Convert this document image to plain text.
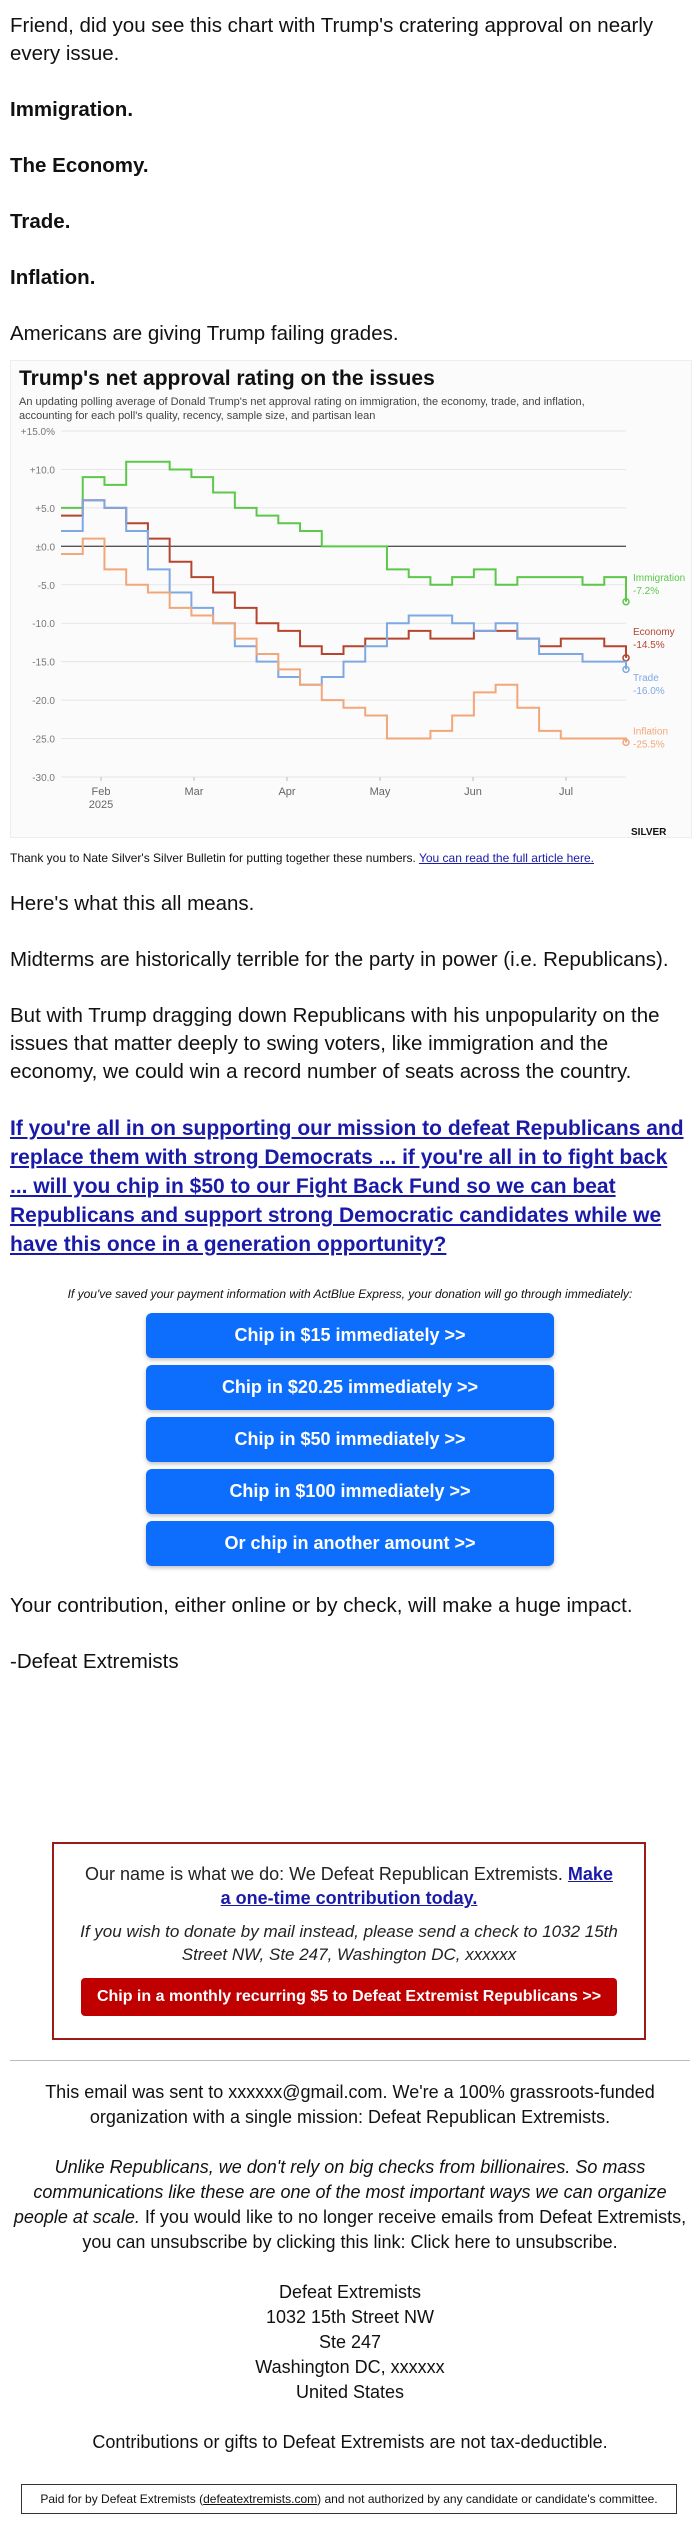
Friend, did you see this chart with Trump's cratering approval on nearly every issue.

Immigration.

The Economy.

Trade.

Inflation.

Americans are giving Trump failing grades.

Trump's net approval rating on the issues
An updating polling average of Donald Trump's net approval rating on immigration, the economy, trade, and inflation,
accounting for each poll's quality, recency, sample size, and partisan lean
+15.0%
+10.0
+5.0
±0.0
-5.0
-10.0
-15.0
-20.0
-25.0
-30.0
Feb	Mar	Apr	May	Jun	Jul
2025
Immigration
-7.2%
Economy
-14.5%
Trade
-16.0%
Inflation
-25.5%
SILVER

Thank you to Nate Silver's Silver Bulletin for putting together these numbers. You can read the full article here.

Here's what this all means.

Midterms are historically terrible for the party in power (i.e. Republicans).

But with Trump dragging down Republicans with his unpopularity on the issues that matter deeply to swing voters, like immigration and the economy, we could win a record number of seats across the country.

If you're all in on supporting our mission to defeat Republicans and replace them with strong Democrats ... if you're all in to fight back ... will you chip in $50 to our Fight Back Fund so we can beat Republicans and support strong Democratic candidates while we have this once in a generation opportunity?

If you've saved your payment information with ActBlue Express, your donation will go through immediately:

Chip in $15 immediately >>
Chip in $20.25 immediately >>
Chip in $50 immediately >>
Chip in $100 immediately >>
Or chip in another amount >>

Your contribution, either online or by check, will make a huge impact.

-Defeat Extremists

Our name is what we do: We Defeat Republican Extremists. Make a one-time contribution today.
If you wish to donate by mail instead, please send a check to 1032 15th Street NW, Ste 247, Washington DC, xxxxxx
Chip in a monthly recurring $5 to Defeat Extremist Republicans >>

This email was sent to xxxxxx@gmail.com. We're a 100% grassroots-funded organization with a single mission: Defeat Republican Extremists.

Unlike Republicans, we don't rely on big checks from billionaires. So mass communications like these are one of the most important ways we can organize people at scale. If you would like to no longer receive emails from Defeat Extremists, you can unsubscribe by clicking this link: Click here to unsubscribe.

Defeat Extremists
1032 15th Street NW
Ste 247
Washington DC, xxxxxx
United States

Contributions or gifts to Defeat Extremists are not tax-deductible.

Paid for by Defeat Extremists (defeatextremists.com) and not authorized by any candidate or candidate's committee.
